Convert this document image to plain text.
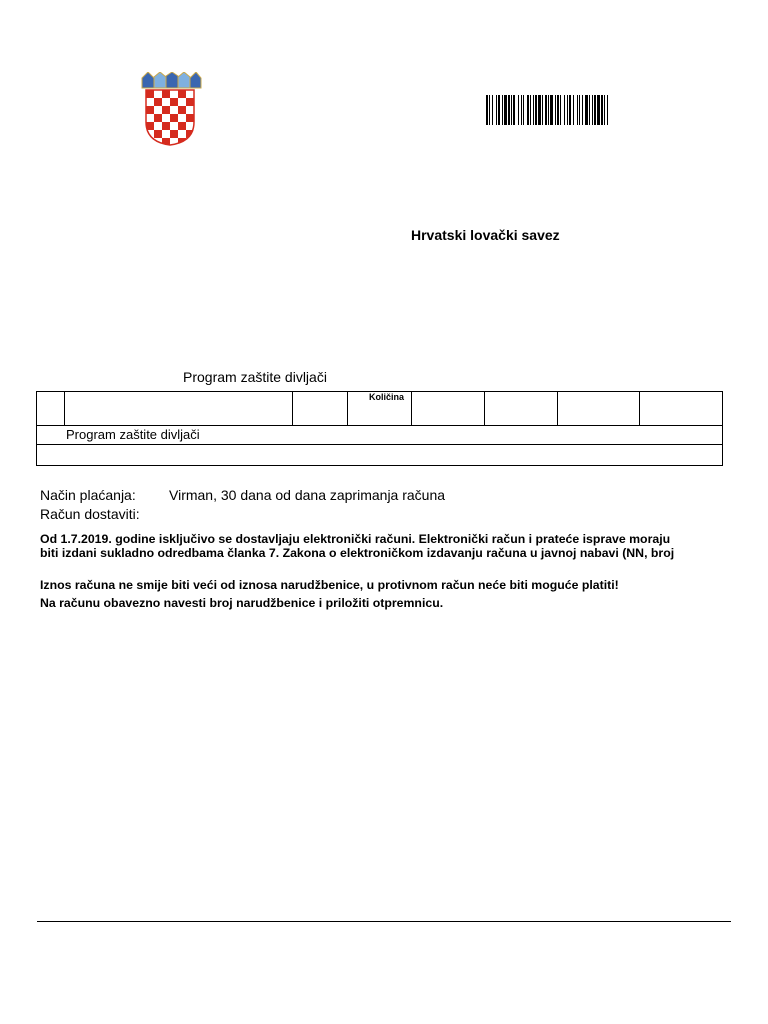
Hrvatski lovački savez
Program zaštite divljači
Količina
Program zaštite divljači
Način plaćanja: Virman, 30 dana od dana zaprimanja računa
Račun dostaviti:
Od 1.7.2019. godine isključivo se dostavljaju elektronički računi. Elektronički račun i prateće isprave moraju
biti izdani sukladno odredbama članka 7. Zakona o elektroničkom izdavanju računa u javnoj nabavi (NN, broj
Iznos računa ne smije biti veći od iznosa narudžbenice, u protivnom račun neće biti moguće platiti!
Na računu obavezno navesti broj narudžbenice i priložiti otpremnicu.
